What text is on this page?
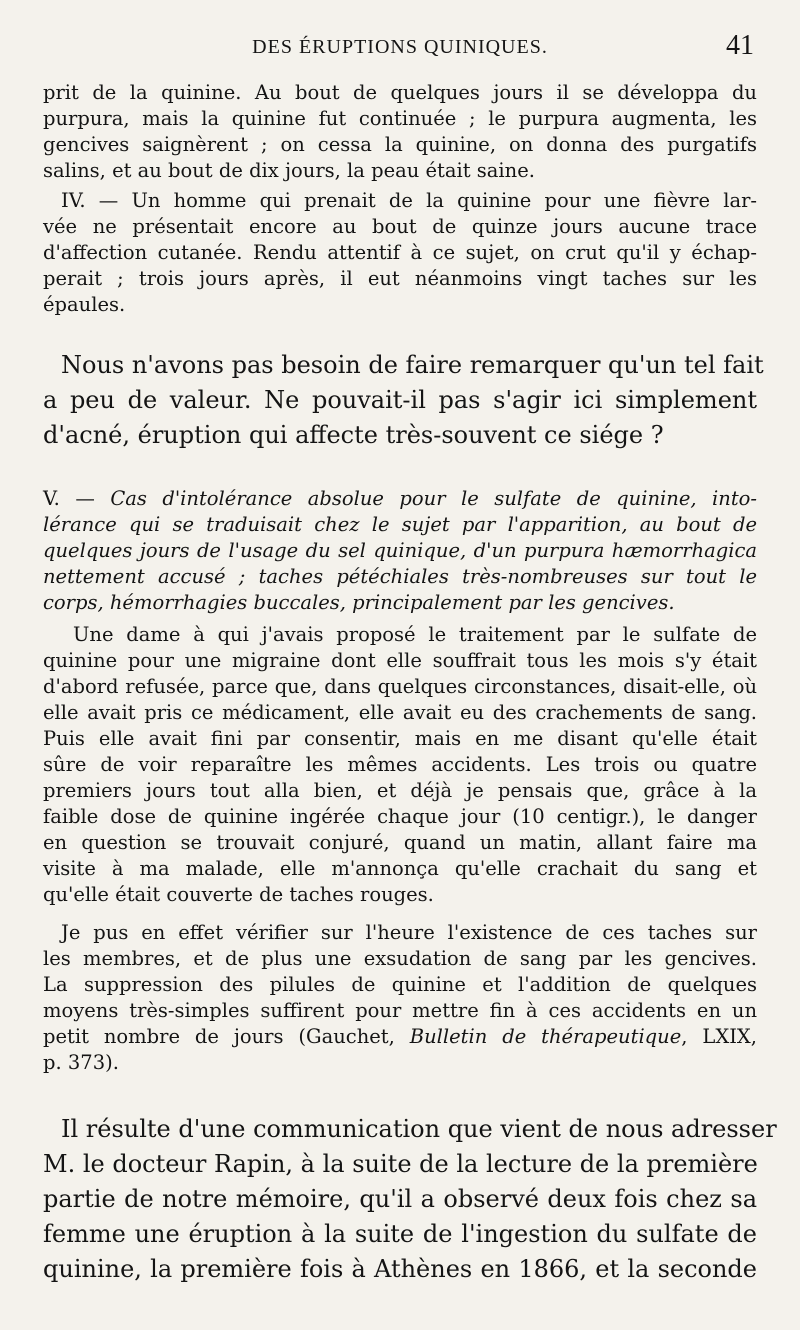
DES ÉRUPTIONS QUINIQUES.	41
prit de la quinine. Au bout de quelques jours il se développa du
purpura, mais la quinine fut continuée ; le purpura augmenta, les
gencives saignèrent ; on cessa la quinine, on donna des purgatifs
salins, et au bout de dix jours, la peau était saine.
IV. — Un homme qui prenait de la quinine pour une fièvre lar-
vée ne présentait encore au bout de quinze jours aucune trace
d'affection cutanée. Rendu attentif à ce sujet, on crut qu'il y échap-
perait ; trois jours après, il eut néanmoins vingt taches sur les
épaules.
Nous n'avons pas besoin de faire remarquer qu'un tel fait
a peu de valeur. Ne pouvait-il pas s'agir ici simplement
d'acné, éruption qui affecte très-souvent ce siége ?
V. — Cas d'intolérance absolue pour le sulfate de quinine, into-
lérance qui se traduisait chez le sujet par l'apparition, au bout de
quelques jours de l'usage du sel quinique, d'un purpura hæmorrhagica
nettement accusé ; taches pétéchiales très-nombreuses sur tout le
corps, hémorrhagies buccales, principalement par les gencives.
Une dame à qui j'avais proposé le traitement par le sulfate de
quinine pour une migraine dont elle souffrait tous les mois s'y était
d'abord refusée, parce que, dans quelques circonstances, disait-elle, où
elle avait pris ce médicament, elle avait eu des crachements de sang.
Puis elle avait fini par consentir, mais en me disant qu'elle était
sûre de voir reparaître les mêmes accidents. Les trois ou quatre
premiers jours tout alla bien, et déjà je pensais que, grâce à la
faible dose de quinine ingérée chaque jour (10 centigr.), le danger
en question se trouvait conjuré, quand un matin, allant faire ma
visite à ma malade, elle m'annonça qu'elle crachait du sang et
qu'elle était couverte de taches rouges.
Je pus en effet vérifier sur l'heure l'existence de ces taches sur
les membres, et de plus une exsudation de sang par les gencives.
La suppression des pilules de quinine et l'addition de quelques
moyens très-simples suffirent pour mettre fin à ces accidents en un
petit nombre de jours (Gauchet, Bulletin de thérapeutique, LXIX,
p. 373).
Il résulte d'une communication que vient de nous adresser
M. le docteur Rapin, à la suite de la lecture de la première
partie de notre mémoire, qu'il a observé deux fois chez sa
femme une éruption à la suite de l'ingestion du sulfate de
quinine, la première fois à Athènes en 1866, et la seconde
